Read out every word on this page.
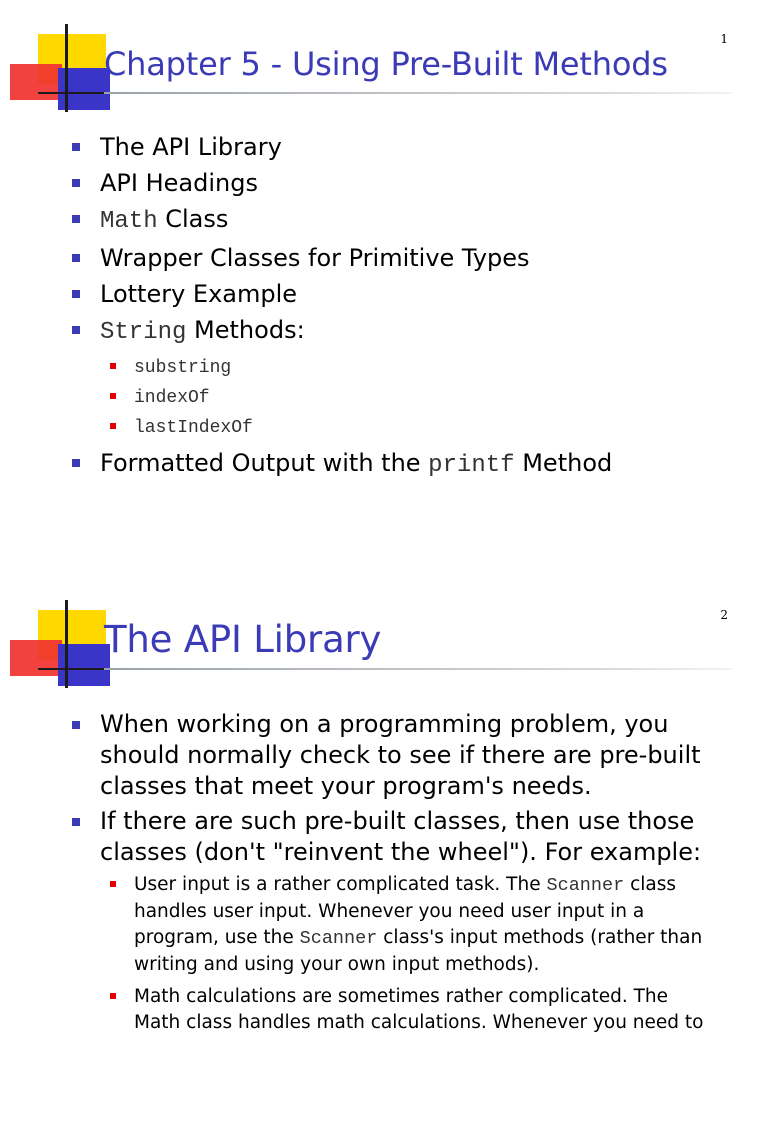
Chapter 5 - Using Pre-Built Methods
1
The API Library
API Headings
Math Class
Wrapper Classes for Primitive Types
Lottery Example
String Methods:
substring
indexOf
lastIndexOf
Formatted Output with the printf Method
The API Library
2
When working on a programming problem, you should normally check to see if there are pre-built classes that meet your program's needs.
If there are such pre-built classes, then use those classes (don't "reinvent the wheel"). For example:
User input is a rather complicated task. The Scanner class handles user input. Whenever you need user input in a program, use the Scanner class's input methods (rather than writing and using your own input methods).
Math calculations are sometimes rather complicated. The Math class handles math calculations. Whenever you need to
